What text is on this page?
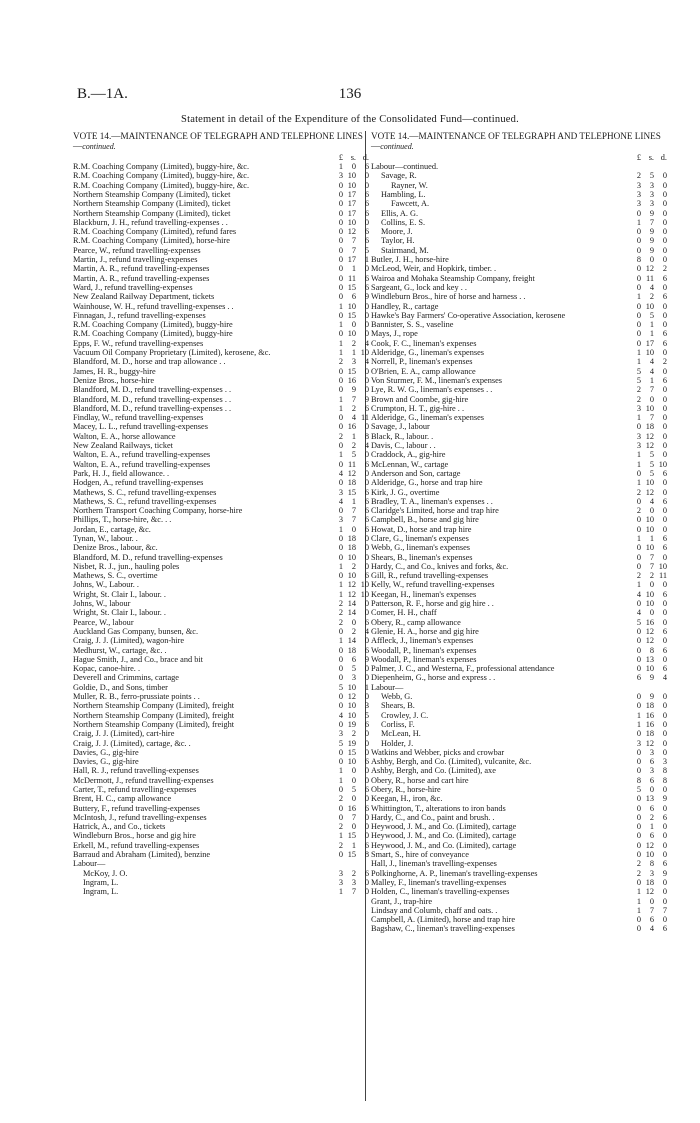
B.—1A.	136
Statement in detail of the Expenditure of the Consolidated Fund—continued.
VOTE 14.—MAINTENANCE OF TELEGRAPH AND TELEPHONE LINES—continued.
£ s. d.
R.M. Coaching Company (Limited), buggy-hire, &c.	1	0	6
R.M. Coaching Company (Limited), buggy-hire, &c.	3 10	0
R.M. Coaching Company (Limited), buggy-hire, &c.	0 10	0
Northern Steamship Company (Limited), ticket	0 17	6
Northern Steamship Company (Limited), ticket	0 17	6
Northern Steamship Company (Limited), ticket	0 17	6
Blackburn, J. H., refund travelling-expenses . .	0 10	0
R.M. Coaching Company (Limited), refund fares	0 12	6
R.M. Coaching Company (Limited), horse-hire	0	7	6
Pearce, W., refund travelling-expenses	0	7	5
Martin, J., refund travelling-expenses	0 17	1
Martin, A. R., refund travelling-expenses	0	1	0
Martin, A. R., refund travelling-expenses	0 11	6
Ward, J., refund travelling-expenses	0 15	6
New Zealand Railway Department, tickets	0	6	9
Wainhouse, W. H., refund travelling-expenses . .	1 10	0
Finnagan, J., refund travelling-expenses	0 15	0
R.M. Coaching Company (Limited), buggy-hire	1	0	0
R.M. Coaching Company (Limited), buggy-hire	0 10	0
Epps, F. W., refund travelling-expenses	1	2	4
Vacuum Oil Company Proprietary (Limited), kerosene, &c.	1	1 10
Blandford, M. D., horse and trap allowance . .	2	3	4
James, H. R., buggy-hire	0 15	0
Denize Bros., horse-hire	0 16	0
Blandford, M. D., refund travelling-expenses . .	0	9	0
Blandford, M. D., refund travelling-expenses . .	1	7	9
Blandford, M. D., refund travelling-expenses . .	1	2	6
Findlay, W., refund travelling-expenses	0	4 11
Macey, L. L., refund travelling-expenses	0 16	0
Walton, E. A., horse allowance	2	1	8
New Zealand Railways, ticket	0	2	4
Walton, E. A., refund travelling-expenses	1	5	0
Walton, E. A., refund travelling-expenses	0 11	6
Park, H. J., field allowance. .	4 12	0
Hodgen, A., refund travelling-expenses	0 18	0
Mathews, S. C., refund travelling-expenses	3 15	6
Mathews, S. C., refund travelling-expenses	4	1	6
Northern Transport Coaching Company, horse-hire	0	7	6
Phillips, T., horse-hire, &c. . .	3	7	6
Jordan, E., cartage, &c.	1	0	6
Tynan, W., labour. .	0 18	0
Denize Bros., labour, &c.	0 18	0
Blandford, M. D., refund travelling-expenses	0 10	0
Nisbet, R. J., jun., hauling poles	1	2	0
Mathews, S. C., overtime	0 10	6
Johns, W., Labour. .	1 12 10
Wright, St. Clair I., labour. .	1 12 10
Johns, W., labour	2 14	0
Wright, St. Clair I., labour. .	2 14	0
Pearce, W., labour	2	0	6
Auckland Gas Company, bunsen, &c.	0	2	4
Craig, J. J. (Limited), wagon-hire	1 14	0
Medhurst, W., cartage, &c. .	0 18	6
Hague Smith, J., and Co., brace and bit	0	6	9
Kopac, canoe-hire. .	0	5	0
Deverell and Crimmins, cartage	0	3	0
Goldie, D., and Sons, timber	5 10	1
Muller, R. B., ferro-prussiate points . .	0 12	0
Northern Steamship Company (Limited), freight	0 10	3
Northern Steamship Company (Limited), freight	4 10	5
Northern Steamship Company (Limited), freight	0 19	6
Craig, J. J. (Limited), cart-hire	3	2	0
Craig, J. J. (Limited), cartage, &c. .	5 19	0
Davies, G., gig-hire	0 15	0
Davies, G., gig-hire	0 10	6
Hall, R. J., refund travelling-expenses	1	0	0
McDermott, J., refund travelling-expenses	1	0	0
Carter, T., refund travelling-expenses	0	5	6
Brent, H. C., camp allowance	2	0	0
Buttery, F., refund travelling-expenses	0 16	6
McIntosh, J., refund travelling-expenses	0	7	0
Hatrick, A., and Co., tickets	2	0	0
Windleburn Bros., horse and gig hire	1 15	0
Erkell, M., refund travelling-expenses	2	1	6
Barraud and Abraham (Limited), benzine	0 15	8
Labour—
McKoy, J. O.	3	2	6
Ingram, L.	3	3	0
Ingram, L.	1	7	0
VOTE 14.—MAINTENANCE OF TELEGRAPH AND TELEPHONE LINES—continued.
£ s. d.
Labour—continued.
Savage, R.	2	5	0
Rayner, W.	3	3	0
Hambling, L.	3	3	0
Fawcett, A.	3	3	0
Ellis, A. G.	0	9	0
Collins, E. S.	1	7	0
Moore, J.	0	9	0
Taylor, H.	0	9	0
Stairmand, M.	0	9	0
Butler, J. H., horse-hire	8	0	0
McLeod, Weir, and Hopkirk, timber. .	0 12	2
Wairoa and Mohaka Steamship Company, freight	0 11	6
Sargeant, G., lock and key . .	0	4	0
Windleburn Bros., hire of horse and harness . .	1	2	6
Handley, R., cartage	0 10	0
Hawke's Bay Farmers' Co-operative Association, kerosene	0	5	0
Bannister, S. S., vaseline	0	1	0
Mays, J., rope	0	1	6
Cook, F. C., lineman's expenses	0 17	6
Alderidge, G., lineman's expenses	1 10	0
Norrell, P., lineman's expenses	1	4	2
O'Brien, E. A., camp allowance	5	4	0
Von Sturmer, F. M., lineman's expenses	5	1	6
Lye, R. W. G., lineman's expenses . .	2	7	0
Brown and Coombe, gig-hire	2	0	0
Crumpton, H. T., gig-hire . .	3 10	0
Alderidge, G., lineman's expenses	1	7	0
Savage, J., labour	0 18	0
Black, R., labour. .	3 12	0
Davis, C., labour . .	3 12	0
Craddock, A., gig-hire	1	5	0
McLennan, W., cartage	1	5 10
Anderson and Son, cartage	0	5	6
Alderidge, G., horse and trap hire	1 10	0
Kirk, J. G., overtime	2 12	0
Bradley, T. A., lineman's expenses . .	0	4	6
Claridge's Limited, horse and trap hire	2	0	0
Campbell, B., horse and gig hire	0 10	0
Howat, D., horse and trap hire	0 10	0
Clare, G., lineman's expenses	1	1	6
Webb, G., lineman's expenses	0 10	6
Shears, B., lineman's expenses	0	7	0
Hardy, C., and Co., knives and forks, &c.	0	7 10
Gill, R., refund travelling-expenses	2	2 11
Kelly, W., refund travelling-expenses	1	0	0
Keegan, H., lineman's expenses	4 10	6
Patterson, R. F., horse and gig hire . .	0 10	0
Comer, H. H., chaff	4	0	0
Obery, R., camp allowance	5 16	0
Glenie, H. A., horse and gig hire	0 12	6
Affleck, J., lineman's expenses	0 12	0
Woodall, P., lineman's expenses	0	8	6
Woodall, P., lineman's expenses	0 13	0
Palmer, J. C., and Westerna, F., professional attendance	0 10	6
Diepenheim, G., horse and express . .	6	9	4
Labour—
Webb, G.	0	9	0
Shears, B.	0 18	0
Crowley, J. C.	1 16	0
Corliss, F.	1 16	0
McLean, H.	0 18	0
Holder, J.	3 12	0
Watkins and Webber, picks and crowbar	0	3	0
Ashby, Bergh, and Co. (Limited), vulcanite, &c.	0	6	3
Ashby, Bergh, and Co. (Limited), axe	0	3	8
Obery, R., horse and cart hire	8	6	8
Obery, R., horse-hire	5	0	0
Keegan, H., iron, &c.	0 13	9
Whittington, T., alterations to iron bands	0	6	0
Hardy, C., and Co., paint and brush. .	0	2	6
Heywood, J. M., and Co. (Limited), cartage	0	1	0
Heywood, J. M., and Co. (Limited), cartage	0	6	0
Heywood, J. M., and Co. (Limited), cartage	0 12	0
Smart, S., hire of conveyance	0 10	0
Hall, J., lineman's travelling-expenses	2	8	6
Polkinghorne, A. P., lineman's travelling-expenses	2	3	9
Malley, F., lineman's travelling-expenses	0 18	0
Holden, C., lineman's travelling-expenses	1 12	0
Grant, J., trap-hire	1	0	0
Lindsay and Columb, chaff and oats. .	1	7	7
Campbell, A. (Limited), horse and trap hire	0	6	0
Bagshaw, C., lineman's travelling-expenses	0	4	6
